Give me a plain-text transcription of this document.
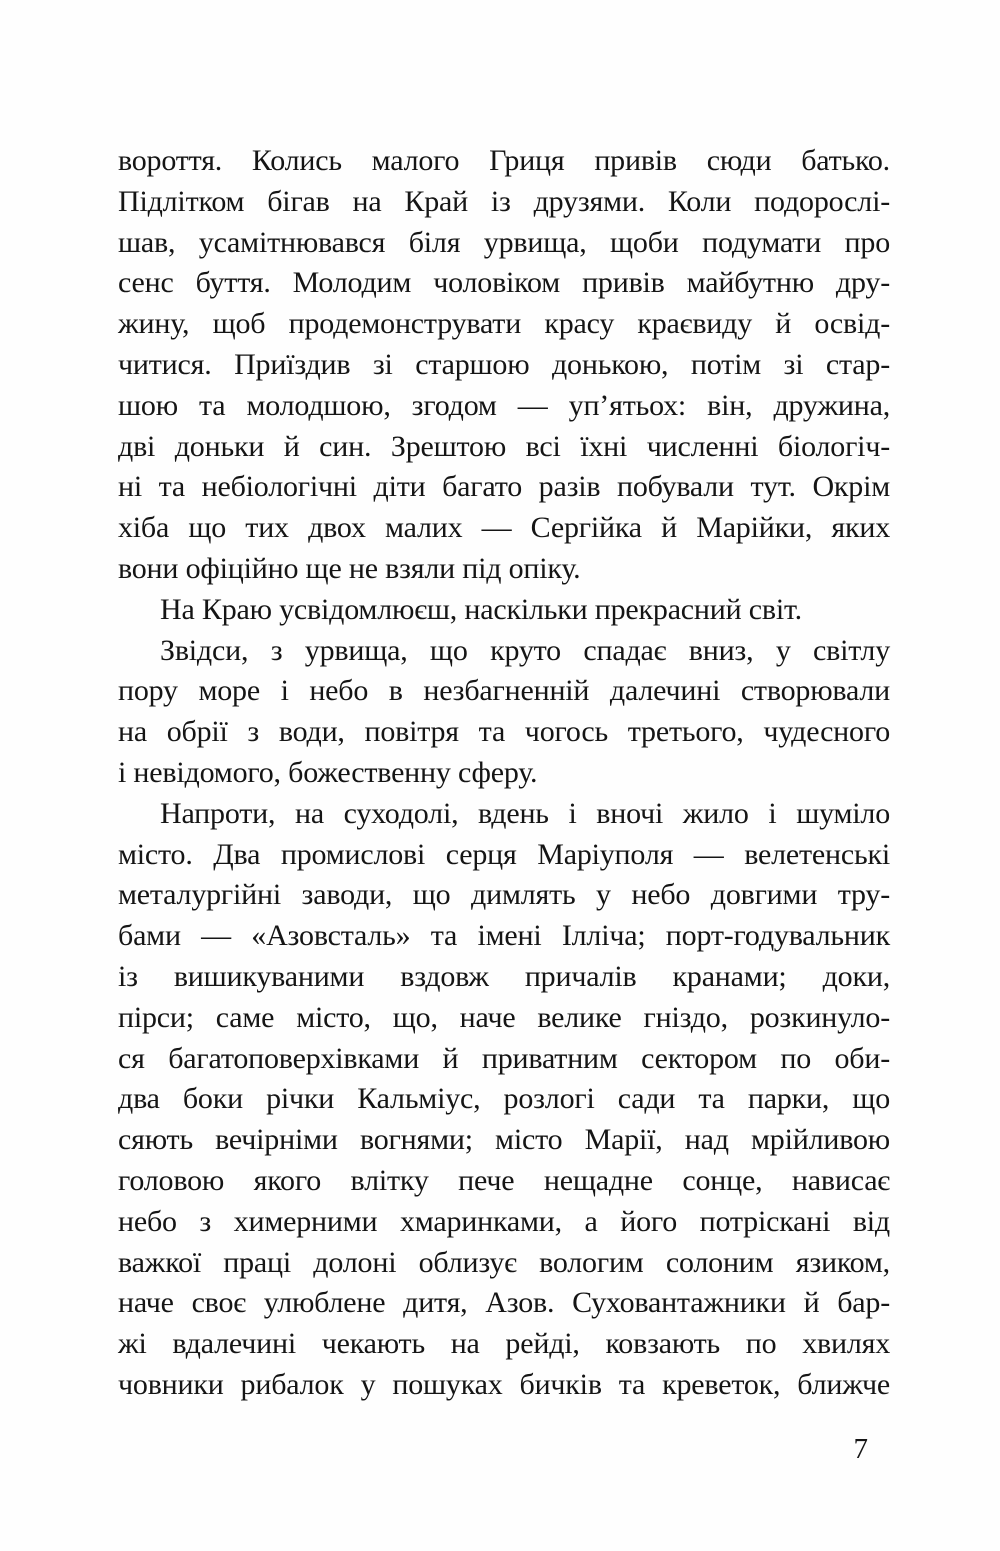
вороття. Колись малого Гриця привів сюди батько.
Підлітком бігав на Край із друзями. Коли подорослі-
шав, усамітнювався біля урвища, щоби подумати про
сенс буття. Молодим чоловіком привів майбутню дру-
жину, щоб продемонструвати красу краєвиду й освід-
читися. Приїздив зі старшою донькою, потім зі стар-
шою та молодшою, згодом — уп’ятьох: він, дружина,
дві доньки й син. Зрештою всі їхні численні біологіч-
ні та небіологічні діти багато разів побували тут. Окрім
хіба що тих двох малих — Сергійка й Марійки, яких
вони офіційно ще не взяли під опіку.
На Краю усвідомлюєш, наскільки прекрасний світ.
Звідси, з урвища, що круто спадає вниз, у світлу
пору море і небо в незбагненній далечині створювали
на обрії з води, повітря та чогось третього, чудесного
і невідомого, божественну сферу.
Напроти, на суходолі, вдень і вночі жило і шуміло
місто. Два промислові серця Маріуполя — велетенські
металургійні заводи, що димлять у небо довгими тру-
бами — «Азовсталь» та імені Ілліча; порт-годувальник
із вишикуваними вздовж причалів кранами; доки,
пірси; саме місто, що, наче велике гніздо, розкинуло-
ся багатоповерхівками й приватним сектором по оби-
два боки річки Кальміус, розлогі сади та парки, що
сяють вечірніми вогнями; місто Марії, над мрійливою
головою якого влітку пече нещадне сонце, нависає
небо з химерними хмаринками, а його потріскані від
важкої праці долоні облизує вологим солоним язиком,
наче своє улюблене дитя, Азов. Суховантажники й бар-
жі вдалечині чекають на рейді, ковзають по хвилях
човники рибалок у пошуках бичків та креветок, ближче
7
